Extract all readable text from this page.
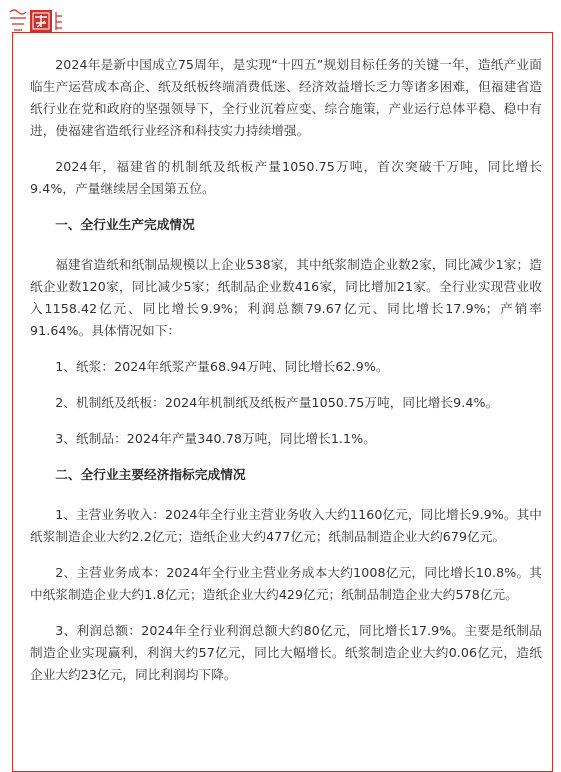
2024年是新中国成立75周年，是实现“十四五”规划目标任务的关键一年，造纸产业面临生产运营成本高企、纸及纸板终端消费低迷、经济效益增长乏力等诸多困难，但福建省造纸行业在党和政府的坚强领导下，全行业沉着应变、综合施策，产业运行总体平稳、稳中有进，使福建省造纸行业经济和科技实力持续增强。

2024年，福建省的机制纸及纸板产量1050.75万吨，首次突破千万吨，同比增长9.4%，产量继续居全国第五位。

一、全行业生产完成情况

福建省造纸和纸制品规模以上企业538家，其中纸浆制造企业数2家，同比减少1家；造纸企业数120家，同比减少5家；纸制品企业数416家，同比增加21家。全行业实现营业收入1158.42亿元、同比增长9.9%；利润总额79.67亿元、同比增长17.9%；产销率91.64%。具体情况如下：

1、纸浆：2024年纸浆产量68.94万吨、同比增长62.9%。

2、机制纸及纸板：2024年机制纸及纸板产量1050.75万吨，同比增长9.4%。

3、纸制品：2024年产量340.78万吨，同比增长1.1%。

二、全行业主要经济指标完成情况

1、主营业务收入：2024年全行业主营业务收入大约1160亿元，同比增长9.9%。其中纸浆制造企业大约2.2亿元；造纸企业大约477亿元；纸制品制造企业大约679亿元。

2、主营业务成本：2024年全行业主营业务成本大约1008亿元，同比增长10.8%。其中纸浆制造企业大约1.8亿元；造纸企业大约429亿元；纸制品制造企业大约578亿元。

3、利润总额：2024年全行业利润总额大约80亿元，同比增长17.9%。主要是纸制品制造企业实现赢利，利润大约57亿元，同比大幅增长。纸浆制造企业大约0.06亿元，造纸企业大约23亿元，同比利润均下降。
